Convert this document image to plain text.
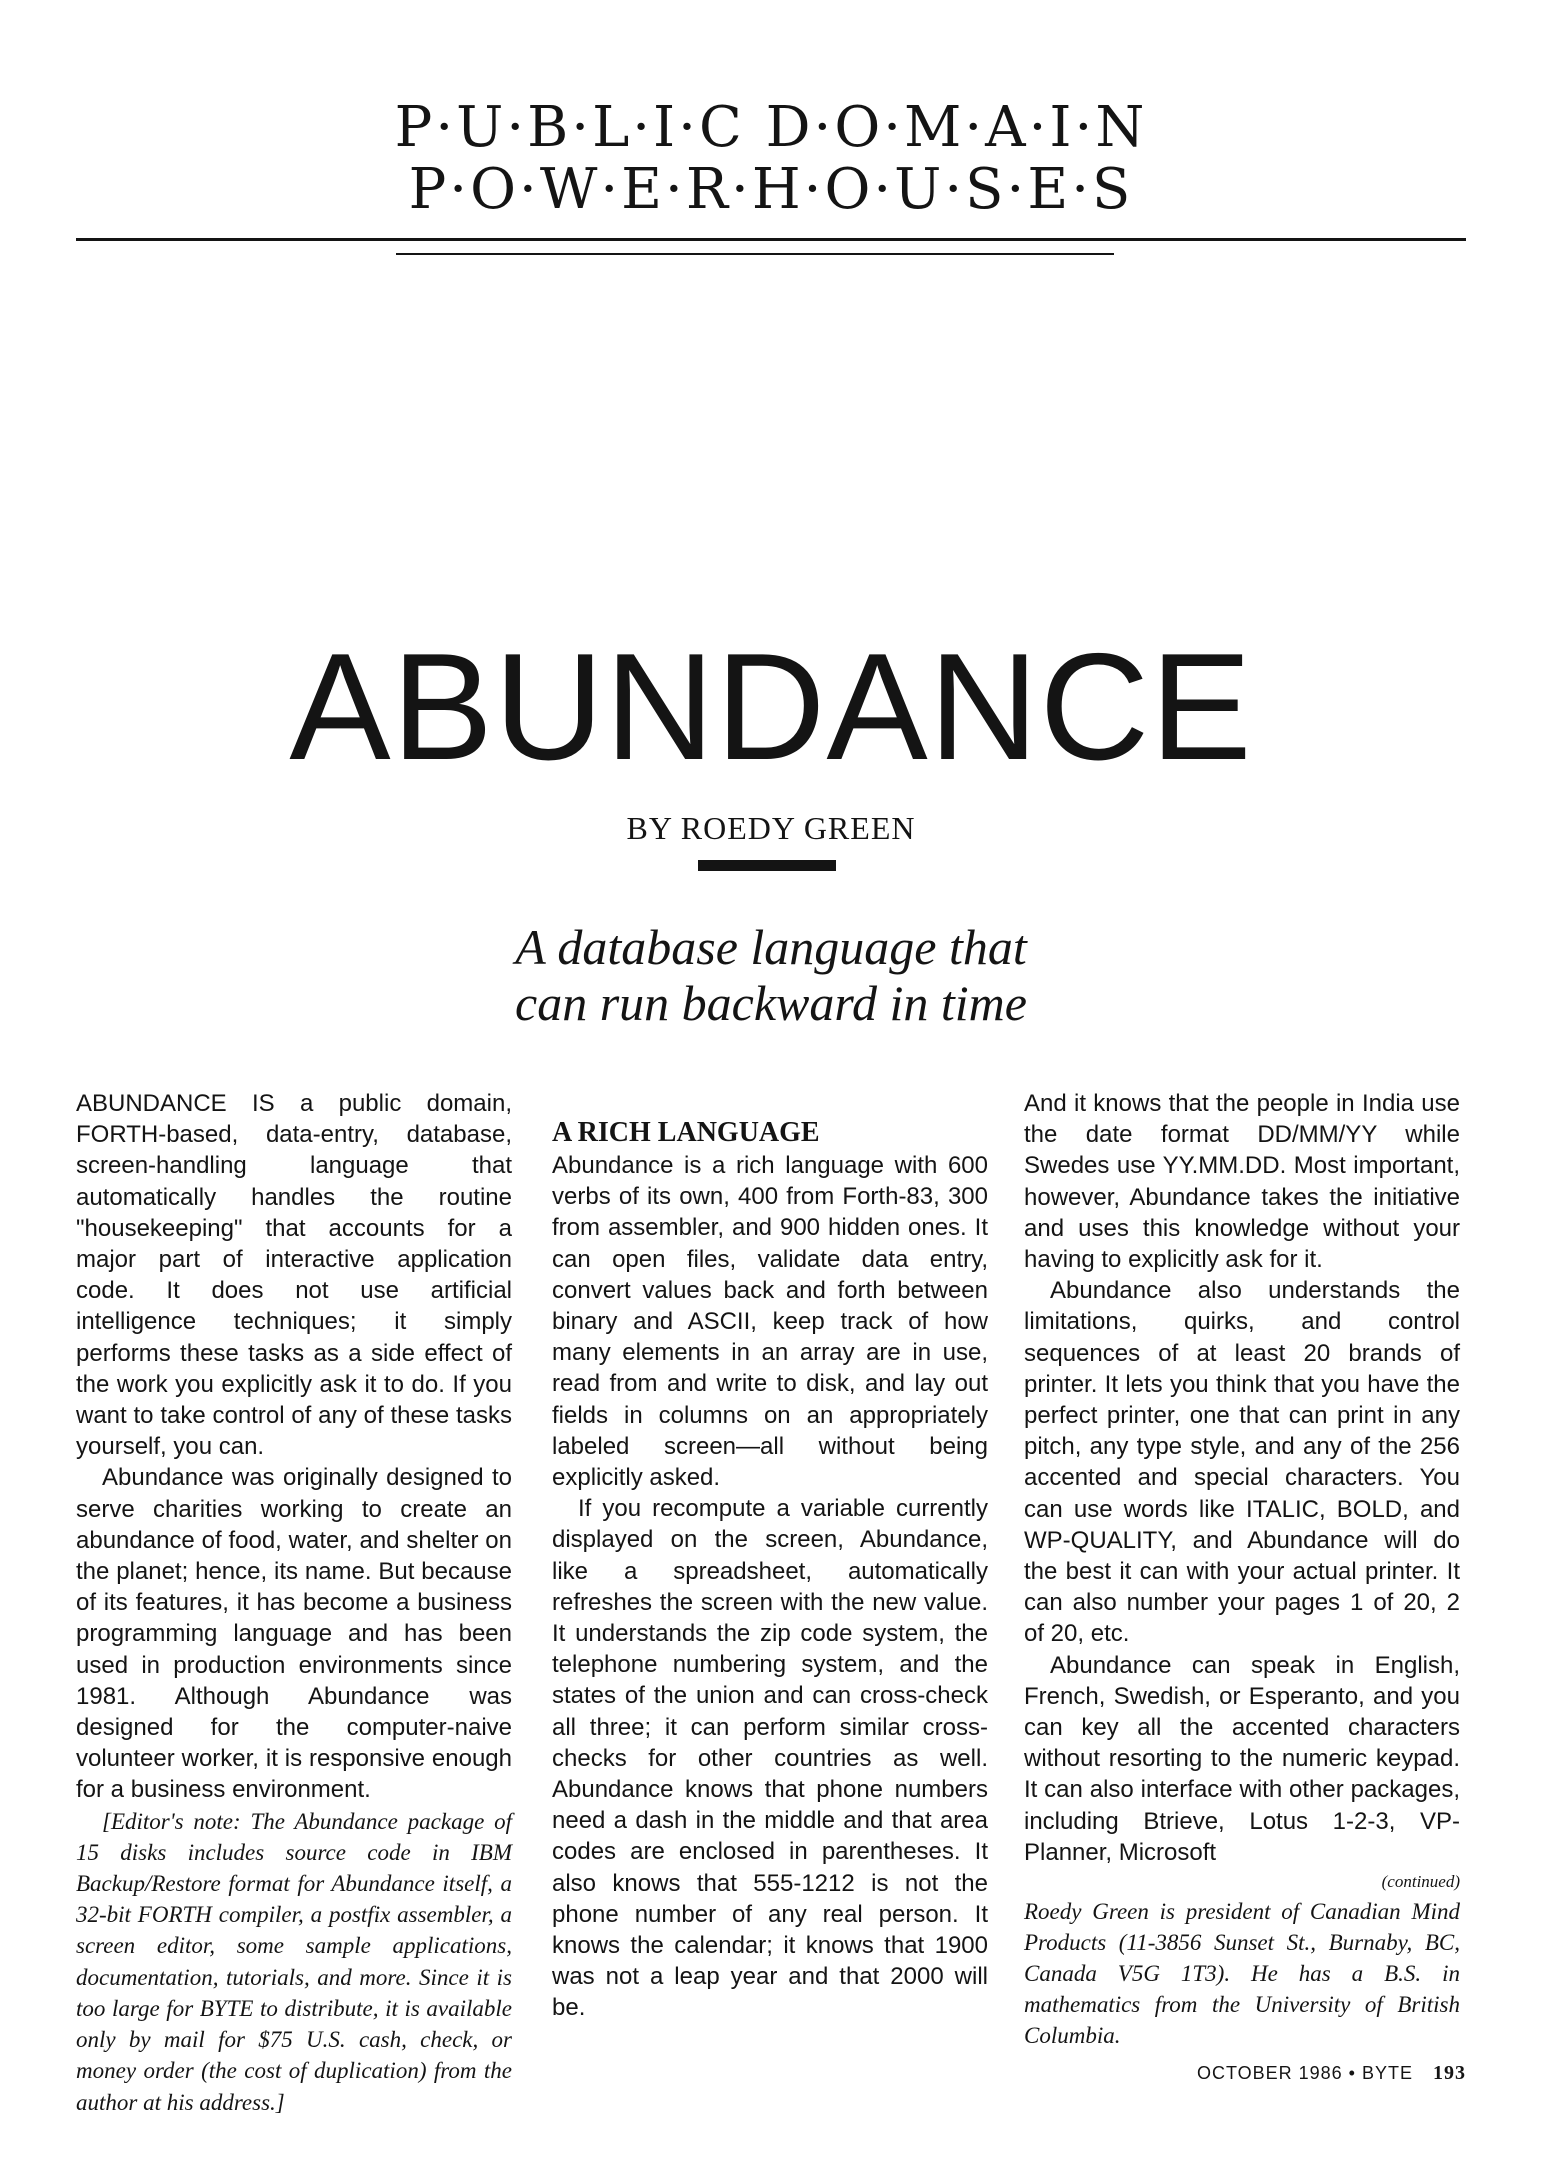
P·U·B·L·I·C D·O·M·A·I·N
P·O·W·E·R·H·O·U·S·E·S
ABUNDANCE
BY ROEDY GREEN
A database language that
can run backward in time

ABUNDANCE IS a public domain, FORTH-based, data-entry, database, screen-handling language that automatically handles the routine "housekeeping" that accounts for a major part of interactive application code. It does not use artificial intelligence techniques; it simply performs these tasks as a side effect of the work you explicitly ask it to do. If you want to take control of any of these tasks yourself, you can.

Abundance was originally designed to serve charities working to create an abundance of food, water, and shelter on the planet; hence, its name. But because of its features, it has become a business programming language and has been used in production environments since 1981. Although Abundance was designed for the computer-naive volunteer worker, it is responsive enough for a business environment.

[Editor's note: The Abundance package of 15 disks includes source code in IBM Backup/Restore format for Abundance itself, a 32-bit FORTH compiler, a postfix assembler, a screen editor, some sample applications, documentation, tutorials, and more. Since it is too large for BYTE to distribute, it is available only by mail for $75 U.S. cash, check, or money order (the cost of duplication) from the author at his address.]

A RICH LANGUAGE

Abundance is a rich language with 600 verbs of its own, 400 from Forth-83, 300 from assembler, and 900 hidden ones. It can open files, validate data entry, convert values back and forth between binary and ASCII, keep track of how many elements in an array are in use, read from and write to disk, and lay out fields in columns on an appropriately labeled screen—all without being explicitly asked.

If you recompute a variable currently displayed on the screen, Abundance, like a spreadsheet, automatically refreshes the screen with the new value. It understands the zip code system, the telephone numbering system, and the states of the union and can cross-check all three; it can perform similar cross-checks for other countries as well. Abundance knows that phone numbers need a dash in the middle and that area codes are enclosed in parentheses. It also knows that 555-1212 is not the phone number of any real person. It knows the calendar; it knows that 1900 was not a leap year and that 2000 will be.

And it knows that the people in India use the date format DD/MM/YY while Swedes use YY.MM.DD. Most important, however, Abundance takes the initiative and uses this knowledge without your having to explicitly ask for it.

Abundance also understands the limitations, quirks, and control sequences of at least 20 brands of printer. It lets you think that you have the perfect printer, one that can print in any pitch, any type style, and any of the 256 accented and special characters. You can use words like ITALIC, BOLD, and WP-QUALITY, and Abundance will do the best it can with your actual printer. It can also number your pages 1 of 20, 2 of 20, etc.

Abundance can speak in English, French, Swedish, or Esperanto, and you can key all the accented characters without resorting to the numeric keypad. It can also interface with other packages, including Btrieve, Lotus 1-2-3, VP-Planner, Microsoft

(continued)
Roedy Green is president of Canadian Mind Products (11-3856 Sunset St., Burnaby, BC, Canada V5G 1T3). He has a B.S. in mathematics from the University of British Columbia.
OCTOBER 1986 • BYTE 193
